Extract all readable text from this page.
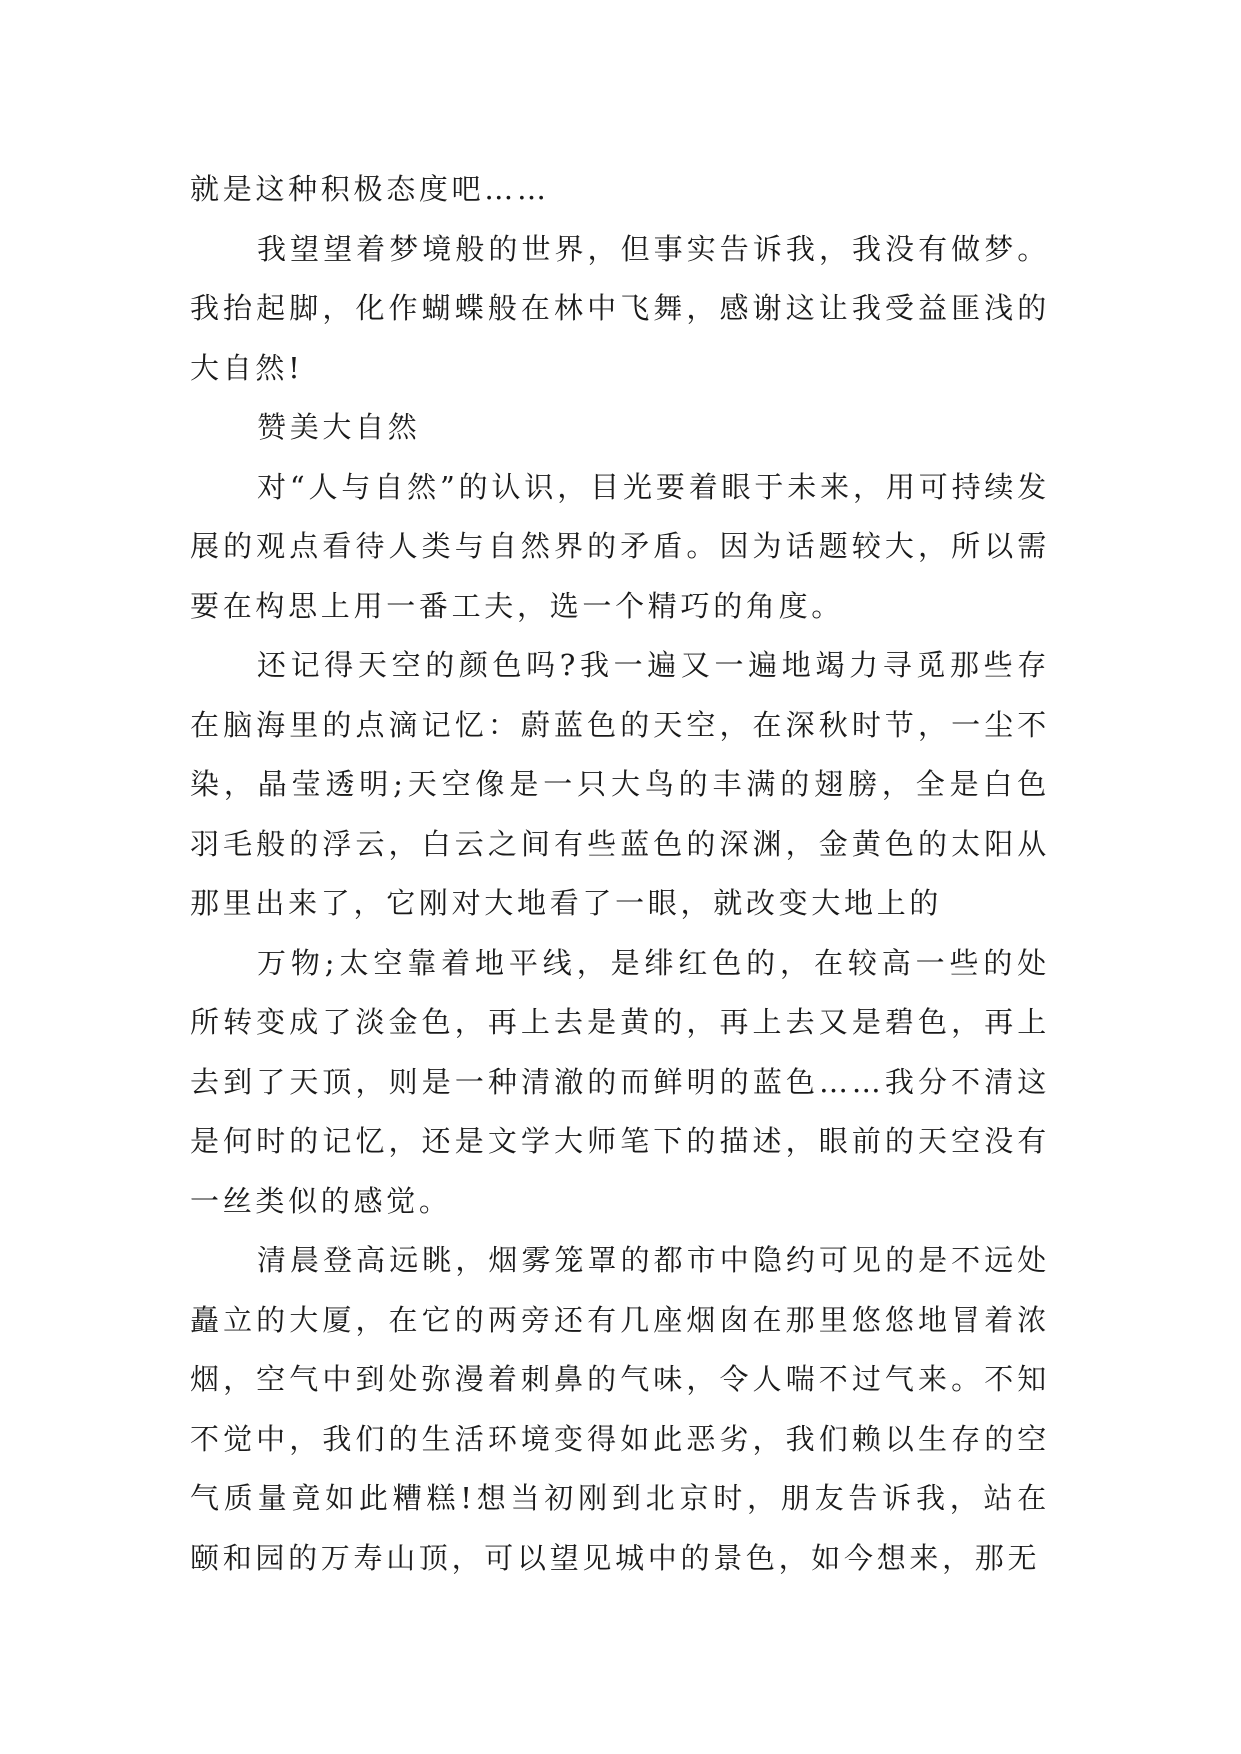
就是这种积极态度吧……

我望望着梦境般的世界，但事实告诉我，我没有做梦。我抬起脚，化作蝴蝶般在林中飞舞，感谢这让我受益匪浅的大自然!

赞美大自然

对“人与自然”的认识，目光要着眼于未来，用可持续发展的观点看待人类与自然界的矛盾。因为话题较大，所以需要在构思上用一番工夫，选一个精巧的角度。

还记得天空的颜色吗?我一遍又一遍地竭力寻觅那些存在脑海里的点滴记忆：蔚蓝色的天空，在深秋时节，一尘不染，晶莹透明;天空像是一只大鸟的丰满的翅膀，全是白色羽毛般的浮云，白云之间有些蓝色的深渊，金黄色的太阳从那里出来了，它刚对大地看了一眼，就改变大地上的

万物;太空靠着地平线，是绯红色的，在较高一些的处所转变成了淡金色，再上去是黄的，再上去又是碧色，再上去到了天顶，则是一种清澈的而鲜明的蓝色……我分不清这是何时的记忆，还是文学大师笔下的描述，眼前的天空没有一丝类似的感觉。

清晨登高远眺，烟雾笼罩的都市中隐约可见的是不远处矗立的大厦，在它的两旁还有几座烟囱在那里悠悠地冒着浓烟，空气中到处弥漫着刺鼻的气味，令人喘不过气来。不知不觉中，我们的生活环境变得如此恶劣，我们赖以生存的空气质量竟如此糟糕!想当初刚到北京时，朋友告诉我，站在颐和园的万寿山顶，可以望见城中的景色，如今想来，那无
